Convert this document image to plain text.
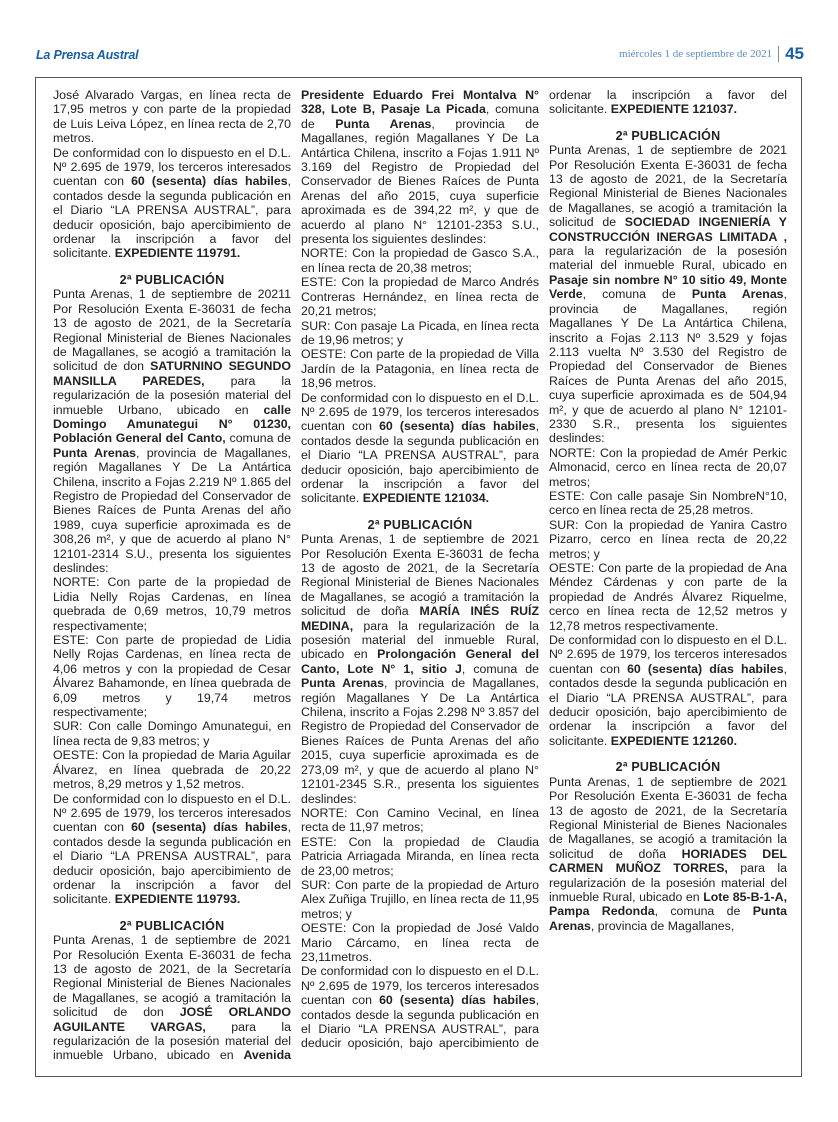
La Prensa Austral	miércoles 1 de septiembre de 2021 45

José Alvarado Vargas, en línea recta de 17,95 metros y con parte de la propiedad de Luis Leiva López, en línea recta de 2,70 metros.

De conformidad con lo dispuesto en el D.L. Nº 2.695 de 1979, los terceros interesados cuentan con 60 (sesenta) días habiles, contados desde la segunda publicación en el Diario “LA PRENSA AUSTRAL”, para deducir oposición, bajo apercibimiento de ordenar la inscripción a favor del solicitante. EXPEDIENTE 119791.

2ª PUBLICACIÓN

Punta Arenas, 1 de septiembre de 20211 Por Resolución Exenta E-36031 de fecha 13 de agosto de 2021, de la Secretaría Regional Ministerial de Bienes Nacionales de Magallanes, se acogió a tramitación la solicitud de don SATURNINO SEGUNDO MANSILLA PAREDES, para la regularización de la posesión material del inmueble Urbano, ubicado en calle Domingo Amunategui N° 01230, Población General del Canto, comuna de Punta Arenas, provincia de Magallanes, región Magallanes Y De La Antártica Chilena, inscrito a Fojas 2.219 Nº 1.865 del Registro de Propiedad del Conservador de Bienes Raíces de Punta Arenas del año 1989, cuya superficie aproximada es de 308,26 m², y que de acuerdo al plano N° 12101-2314 S.U., presenta los siguientes deslindes:

NORTE: Con parte de la propiedad de Lidia Nelly Rojas Cardenas, en línea quebrada de 0,69 metros, 10,79 metros respectivamente;

ESTE: Con parte de propiedad de Lidia Nelly Rojas Cardenas, en línea recta de 4,06 metros y con la propiedad de Cesar Álvarez Bahamonde, en línea quebrada de 6,09 metros y 19,74 metros respectivamente;

SUR: Con calle Domingo Amunategui, en línea recta de 9,83 metros; y

OESTE: Con la propiedad de Maria Aguilar Álvarez, en línea quebrada de 20,22 metros, 8,29 metros y 1,52 metros.

De conformidad con lo dispuesto en el D.L. Nº 2.695 de 1979, los terceros interesados cuentan con 60 (sesenta) días habiles, contados desde la segunda publicación en el Diario “LA PRENSA AUSTRAL”, para deducir oposición, bajo apercibimiento de ordenar la inscripción a favor del solicitante. EXPEDIENTE 119793.

2ª PUBLICACIÓN

Punta Arenas, 1 de septiembre de 2021 Por Resolución Exenta E-36031 de fecha 13 de agosto de 2021, de la Secretaría Regional Ministerial de Bienes Nacionales de Magallanes, se acogió a tramitación la solicitud de don JOSÉ ORLANDO AGUILANTE VARGAS, para la regularización de la posesión material del inmueble Urbano, ubicado en Avenida Presidente Eduardo Frei Montalva N° 328, Lote B, Pasaje La Picada, comuna de Punta Arenas, provincia de Magallanes, región Magallanes Y De La Antártica Chilena, inscrito a Fojas 1.911 Nº 3.169 del Registro de Propiedad del Conservador de Bienes Raíces de Punta Arenas del año 2015, cuya superficie aproximada es de 394,22 m², y que de acuerdo al plano N° 12101-2353 S.U., presenta los siguientes deslindes:

NORTE: Con la propiedad de Gasco S.A., en línea recta de 20,38 metros;

ESTE: Con la propiedad de Marco Andrés Contreras Hernández, en línea recta de 20,21 metros;

SUR: Con pasaje La Picada, en línea recta de 19,96 metros; y

OESTE: Con parte de la propiedad de Villa Jardín de la Patagonia, en línea recta de 18,96 metros.

De conformidad con lo dispuesto en el D.L. Nº 2.695 de 1979, los terceros interesados cuentan con 60 (sesenta) días habiles, contados desde la segunda publicación en el Diario “LA PRENSA AUSTRAL”, para deducir oposición, bajo apercibimiento de ordenar la inscripción a favor del solicitante. EXPEDIENTE 121034.

2ª PUBLICACIÓN

Punta Arenas, 1 de septiembre de 2021 Por Resolución Exenta E-36031 de fecha 13 de agosto de 2021, de la Secretaría Regional Ministerial de Bienes Nacionales de Magallanes, se acogió a tramitación la solicitud de doña MARÍA INÉS RUÍZ MEDINA, para la regularización de la posesión material del inmueble Rural, ubicado en Prolongación General del Canto, Lote N° 1, sitio J, comuna de Punta Arenas, provincia de Magallanes, región Magallanes Y De La Antártica Chilena, inscrito a Fojas 2.298 Nº 3.857 del Registro de Propiedad del Conservador de Bienes Raíces de Punta Arenas del año 2015, cuya superficie aproximada es de 273,09 m², y que de acuerdo al plano N° 12101-2345 S.R., presenta los siguientes deslindes:

NORTE: Con Camino Vecinal, en línea recta de 11,97 metros;

ESTE: Con la propiedad de Claudia Patricia Arriagada Miranda, en línea recta de 23,00 metros;

SUR: Con parte de la propiedad de Arturo Alex Zuñiga Trujillo, en línea recta de 11,95 metros; y

OESTE: Con la propiedad de José Valdo Mario Cárcamo, en línea recta de 23,11metros.

De conformidad con lo dispuesto en el D.L. Nº 2.695 de 1979, los terceros interesados cuentan con 60 (sesenta) días habiles, contados desde la segunda publicación en el Diario “LA PRENSA AUSTRAL”, para deducir oposición, bajo apercibimiento de ordenar la inscripción a favor del solicitante. EXPEDIENTE 121037.

2ª PUBLICACIÓN

Punta Arenas, 1 de septiembre de 2021 Por Resolución Exenta E-36031 de fecha 13 de agosto de 2021, de la Secretaría Regional Ministerial de Bienes Nacionales de Magallanes, se acogió a tramitación la solicitud de SOCIEDAD INGENIERÍA Y CONSTRUCCIÓN INERGAS LIMITADA , para la regularización de la posesión material del inmueble Rural, ubicado en Pasaje sin nombre N° 10 sitio 49, Monte Verde, comuna de Punta Arenas, provincia de Magallanes, región Magallanes Y De La Antártica Chilena, inscrito a Fojas 2.113 Nº 3.529 y fojas 2.113 vuelta Nº 3.530 del Registro de Propiedad del Conservador de Bienes Raíces de Punta Arenas del año 2015, cuya superficie aproximada es de 504,94 m², y que de acuerdo al plano N° 12101-2330 S.R., presenta los siguientes deslindes:

NORTE: Con la propiedad de Amér Perkic Almonacid, cerco en línea recta de 20,07 metros;

ESTE: Con calle pasaje Sin NombreN°10, cerco en línea recta de 25,28 metros.

SUR: Con la propiedad de Yanira Castro Pizarro, cerco en línea recta de 20,22 metros; y

OESTE: Con parte de la propiedad de Ana Méndez Cárdenas y con parte de la propiedad de Andrés Álvarez Riquelme, cerco en línea recta de 12,52 metros y 12,78 metros respectivamente.

De conformidad con lo dispuesto en el D.L. Nº 2.695 de 1979, los terceros interesados cuentan con 60 (sesenta) días habiles, contados desde la segunda publicación en el Diario “LA PRENSA AUSTRAL”, para deducir oposición, bajo apercibimiento de ordenar la inscripción a favor del solicitante. EXPEDIENTE 121260.

2ª PUBLICACIÓN

Punta Arenas, 1 de septiembre de 2021 Por Resolución Exenta E-36031 de fecha 13 de agosto de 2021, de la Secretaría Regional Ministerial de Bienes Nacionales de Magallanes, se acogió a tramitación la solicitud de doña HORIADES DEL CARMEN MUÑOZ TORRES, para la regularización de la posesión material del inmueble Rural, ubicado en Lote 85-B-1-A, Pampa Redonda, comuna de Punta Arenas, provincia de Magallanes,
